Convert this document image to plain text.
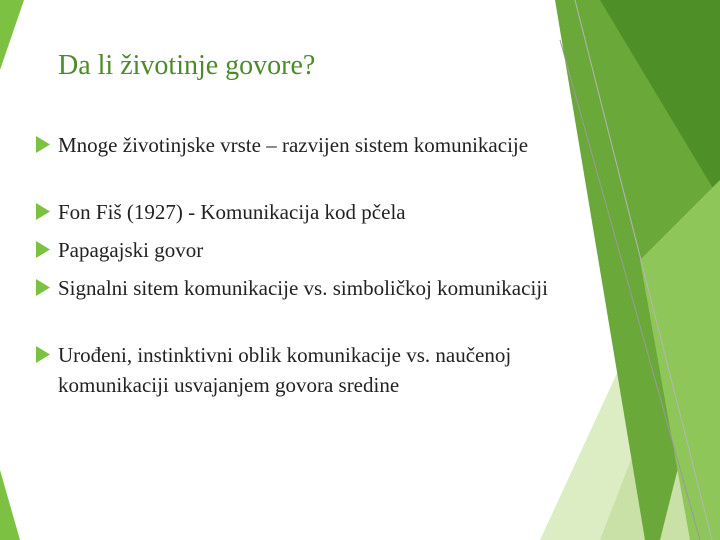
Da li životinje govore?
Mnoge životinjske vrste – razvijen sistem komunikacije
Fon Fiš (1927) - Komunikacija kod pčela
Papagajski govor
Signalni sitem komunikacije vs. simboličkoj komunikaciji
Urođeni, instinktivni oblik komunikacije vs. naučenoj komunikaciji usvajanjem govora sredine
